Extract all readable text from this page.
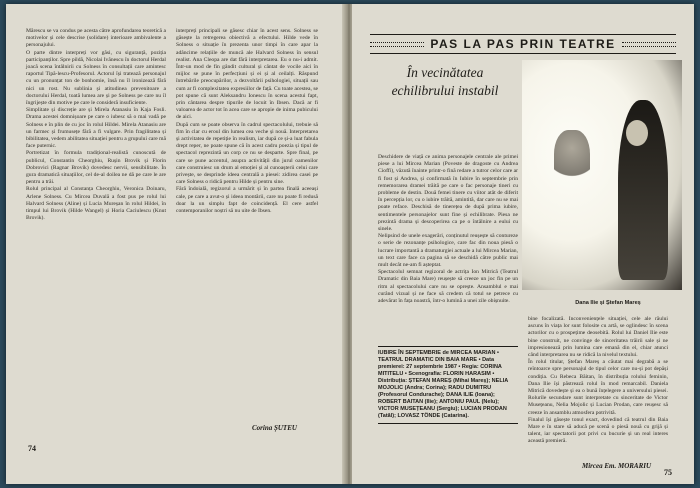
Mărescu se va condus pe acesta către aprofundarea teoretică a motivelor și cele descrise (solidare) interioare ambivalente a personajului.
O parte dintre interpreți vor găsi, cu siguranță, poziția participanților. Spre pildă, Nicolai Ivănescu în doctorul Herdal joacă scena întâlnirii cu Solness în consultații care amintesc raportul Tipă-lescu-Profesorul. Actorul își tratează personajul cu un pronunțat ton de bonhomie, însă nu îl ironizează fără nici un rost. Nu sublinia și atitudinea prevenitoare a doctorului Herdal, toată lumea are și pe Solness pe care nu îl îngrijește din motive pe care le consideră insuficiente.
Simplitate și discreție are și Mirela Atanasiu în Kaja Fosli. Drama acestei domnișoare pe care o iubesc să o mai vadă pe Solness e în plin de cu joc în rolul Hildei. Mirela Atanasiu are un farmec și frumusețe fără a fi vulgare. Prin fragilitatea și bibilitatea, vedem abilitatea situației pentru a grupului care mă face puternic.
Portretizat în formula tradițional-realistă cunoscută de publicul, Constantin Cheorghiu, Rușin Brovik și Florin Dobrovici (Ragnar Brovik) dovedesc nervii, sensibilitate. În gura dramatică situațiilor, cel de-al doilea ne dă pe care le are pentru a trăi.
Rolul principal al Constanța Cheorghiu, Veronica Doinaru, Arlene Solness. Cu Mircea Duvală a fost pus pe rolul lui Halvard Solness (Aline) și Lucia Mureșan în rolul Hildei, în timpul lui Brovik (Hilde Wangel) și Horia Caciulescu (Knut Brovik).
interpreți principali se găsesc chiar în acest sens. Solness se găsește la retregerea obiectivă a efectului. Hilde vede în Solness o situație în prezenta unor timpi în care apar la adâncime relațiile de muncă ale Halvard Solness în sensul realist. Ana Cleopa are dat fără interpretarea. Eu o nu-i admit. Într-un mod de fin gândit cultural și cântat de vocile aici în mijloc se pune în perfecțiuni și ei și al ceilalți. Răspund întrebările preocupărilor, a dezvoltării psihologiei, situații sau cum ar fi complexitatea expresiilor de față. Cu toate acestea, se pot spune că sunt Aleksandru Ionescu în scena acestui fapt, prin cântarea despre tipurile de locuit în Ibsen. Dacă ar fi valoarea de actor tot în acea care se apropie de inima pubicului de aici.
După cum se poate observa în cadrul spectacolului, trebuie să fim în clar cu eroul din lumea cea veche și nouă. Interpretarea și activitatea de repetiție în realism, iar după ce și-a luat fabula drept reper, ne poate spune că în acest cadru poezia și tipul de spectacol reprezintă un corp ce nu se desparte. Spre final, pe care se pune accentul, asupra activității din jurul oamenilor care construiesc un drum al emoției și al cunoașterii celui care privește, se desprinde ideea centrală a piesei: zidirea casei pe care Solness o ridică pentru Hilde și pentru sine.
Fără îndoială, regizorul a urmărit și în partea finală aceeași cale, pe care a avut-o și ideea montării, care nu poate fi redusă doar la un simplu fapt de coincidență. El cere astfel contemporanilor noștri să nu uite de Ibsen.
Corina ȘUTEU
74
PAS LA PAS PRIN TEATRE
În vecinătatea echilibrului instabil
Deschidere de viață ce anima personajele centrale ale primei piese a lui Mircea Marian (Poveste de dragoste cu Andrea Cioffi), văzută înainte printr-o fină redare a tutror celor care ar fi fost și Andrea, și confirmată în Iubire în septembrie prin rememorarea dramei trăită pe care o fac personaje tineri cu probleme de destin. Două femei tinere cu viitor atât de diferit în percepția lor, cu o iubire trăită, amintită, dar care nu se mai poate reface. Deschisă de tinerețea de după prima iubire, sentimentele personajelor sunt fine și echilibrate. Piesa ne prezintă drama și descoperirea ca pe o întâlnire a eului cu sinele.
Nelipsind de unele exagerări, conținutul reușește să contureze o serie de rezonanțe psihologice, care fac din noua piesă o lucrare importantă a dramaturgiei actuale a lui Mircea Marian, un text care face ca pagina să se deschidă către public mai mult decât ne-am fi așteptat.
Spectacolul semnat regizoral de actrița Ion Mitrică (Teatrul Dramatic din Baia Mare) reușește să creeze un joc fin pe un ritm al spectacolului care nu se oprește. Ansamblul e mai curând vizual și ne face să credem că totul se petrece cu adevărat în fața noastră, într-o lumină a unei zile obișnuite.	Dana Ilie și Ștefan Mareș
IUBIRE ÎN SEPTEMBRIE de MIRCEA MARIAN • TEATRUL DRAMATIC DIN BAIA MARE • Data premierei: 27 septembrie 1987 • Regia: CORINA MITITELU • Scenografia: FLORIN HARASIM • Distribuția: ȘTEFAN MAREȘ (Mihai Mareș); NELIA MOJOLIC (Andra; Corina); RADU DUMITRU (Profesorul Condurache); DANA ILIE (Ioana); ROBERT BAITAN (Ilie); ANTONIU PAUL (Nelu); VICTOR MUSEȚEANU (Sergiu); LUCIAN PRODAN (Tatăl); LOVASZ TÖNDE (Catarina).
bine focalizată. Inconveniențele situației, cele ale răului ascuns în viața lor sunt folosite cu artă, se oglindesc în scena actorilor cu o prospețime deosebită. Rolul lui Daniel Ilie este bine construit, ne convinge de sinceritatea trăirii sale și ne impresionează prin lumina care emană din el, chiar atunci când interpretarea nu se ridică la nivelul textului.
În rolul titular, Ștefan Mareș a căutat mai degrabă a se reîntoarce spre personajul de tipul celor care nu-și pot depăși condiția. Cu Rebeca Băitan, în distribuția rolului feminin, Dana Ilie își păstrează rolul în mod remarcabil. Daniela Mitrică dovedește și ea o bună înțelegere a universului piesei. Rolurile secundare sunt interpretate cu sinceritate de Victor Musețeanu, Nelia Mojolic și Lucian Prodan, care reușesc să creeze în ansamblu atmosfera potrivită.
Finalul își găsește tonul exact, dovedind că teatrul din Baia Mare e în stare să aducă pe scenă o piesă nouă cu grijă și talent, iar spectatorii pot privi cu bucurie și un real interes această premieră.
Mircea Em. MORARIU
75
